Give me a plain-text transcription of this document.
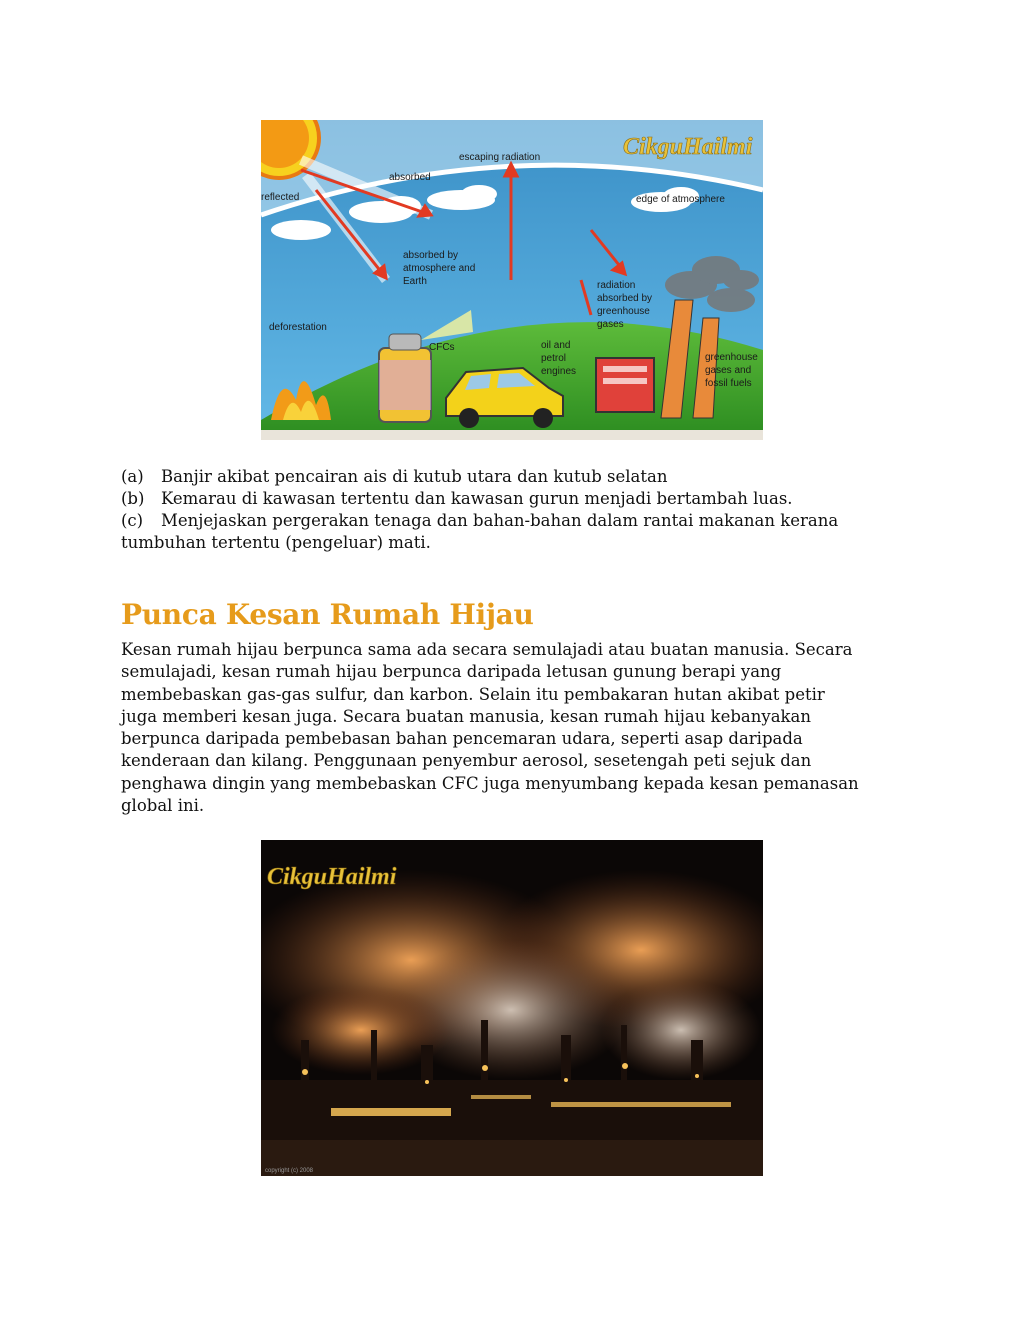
escaping radiation
absorbed
reflected	edge of atmosphere
absorbed by
atmosphere and
Earth
deforestation
CFCs
radiation
absorbed by
greenhouse
gases
oil and
petrol
engines
greenhouse
gases and
fossil fuels
CikguHailmi

(a) Banjir akibat pencairan ais di kutub utara dan kutub selatan

(b) Kemarau di kawasan tertentu dan kawasan gurun menjadi bertambah luas.

(c) Menjejaskan pergerakan tenaga dan bahan-bahan dalam rantai makanan kerana

tumbuhan tertentu (pengeluar) mati.

Punca Kesan Rumah Hijau

Kesan rumah hijau berpunca sama ada secara semulajadi atau buatan manusia. Secara
semulajadi, kesan rumah hijau berpunca daripada letusan gunung berapi yang
membebaskan gas-gas sulfur, dan karbon. Selain itu pembakaran hutan akibat petir
juga memberi kesan juga. Secara buatan manusia, kesan rumah hijau kebanyakan
berpunca daripada pembebasan bahan pencemaran udara, seperti asap daripada
kenderaan dan kilang. Penggunaan penyembur aerosol, sesetengah peti sejuk dan
penghawa dingin yang membebaskan CFC juga menyumbang kepada kesan pemanasan
global ini.

copyright (c) 2008
CikguHailmi
